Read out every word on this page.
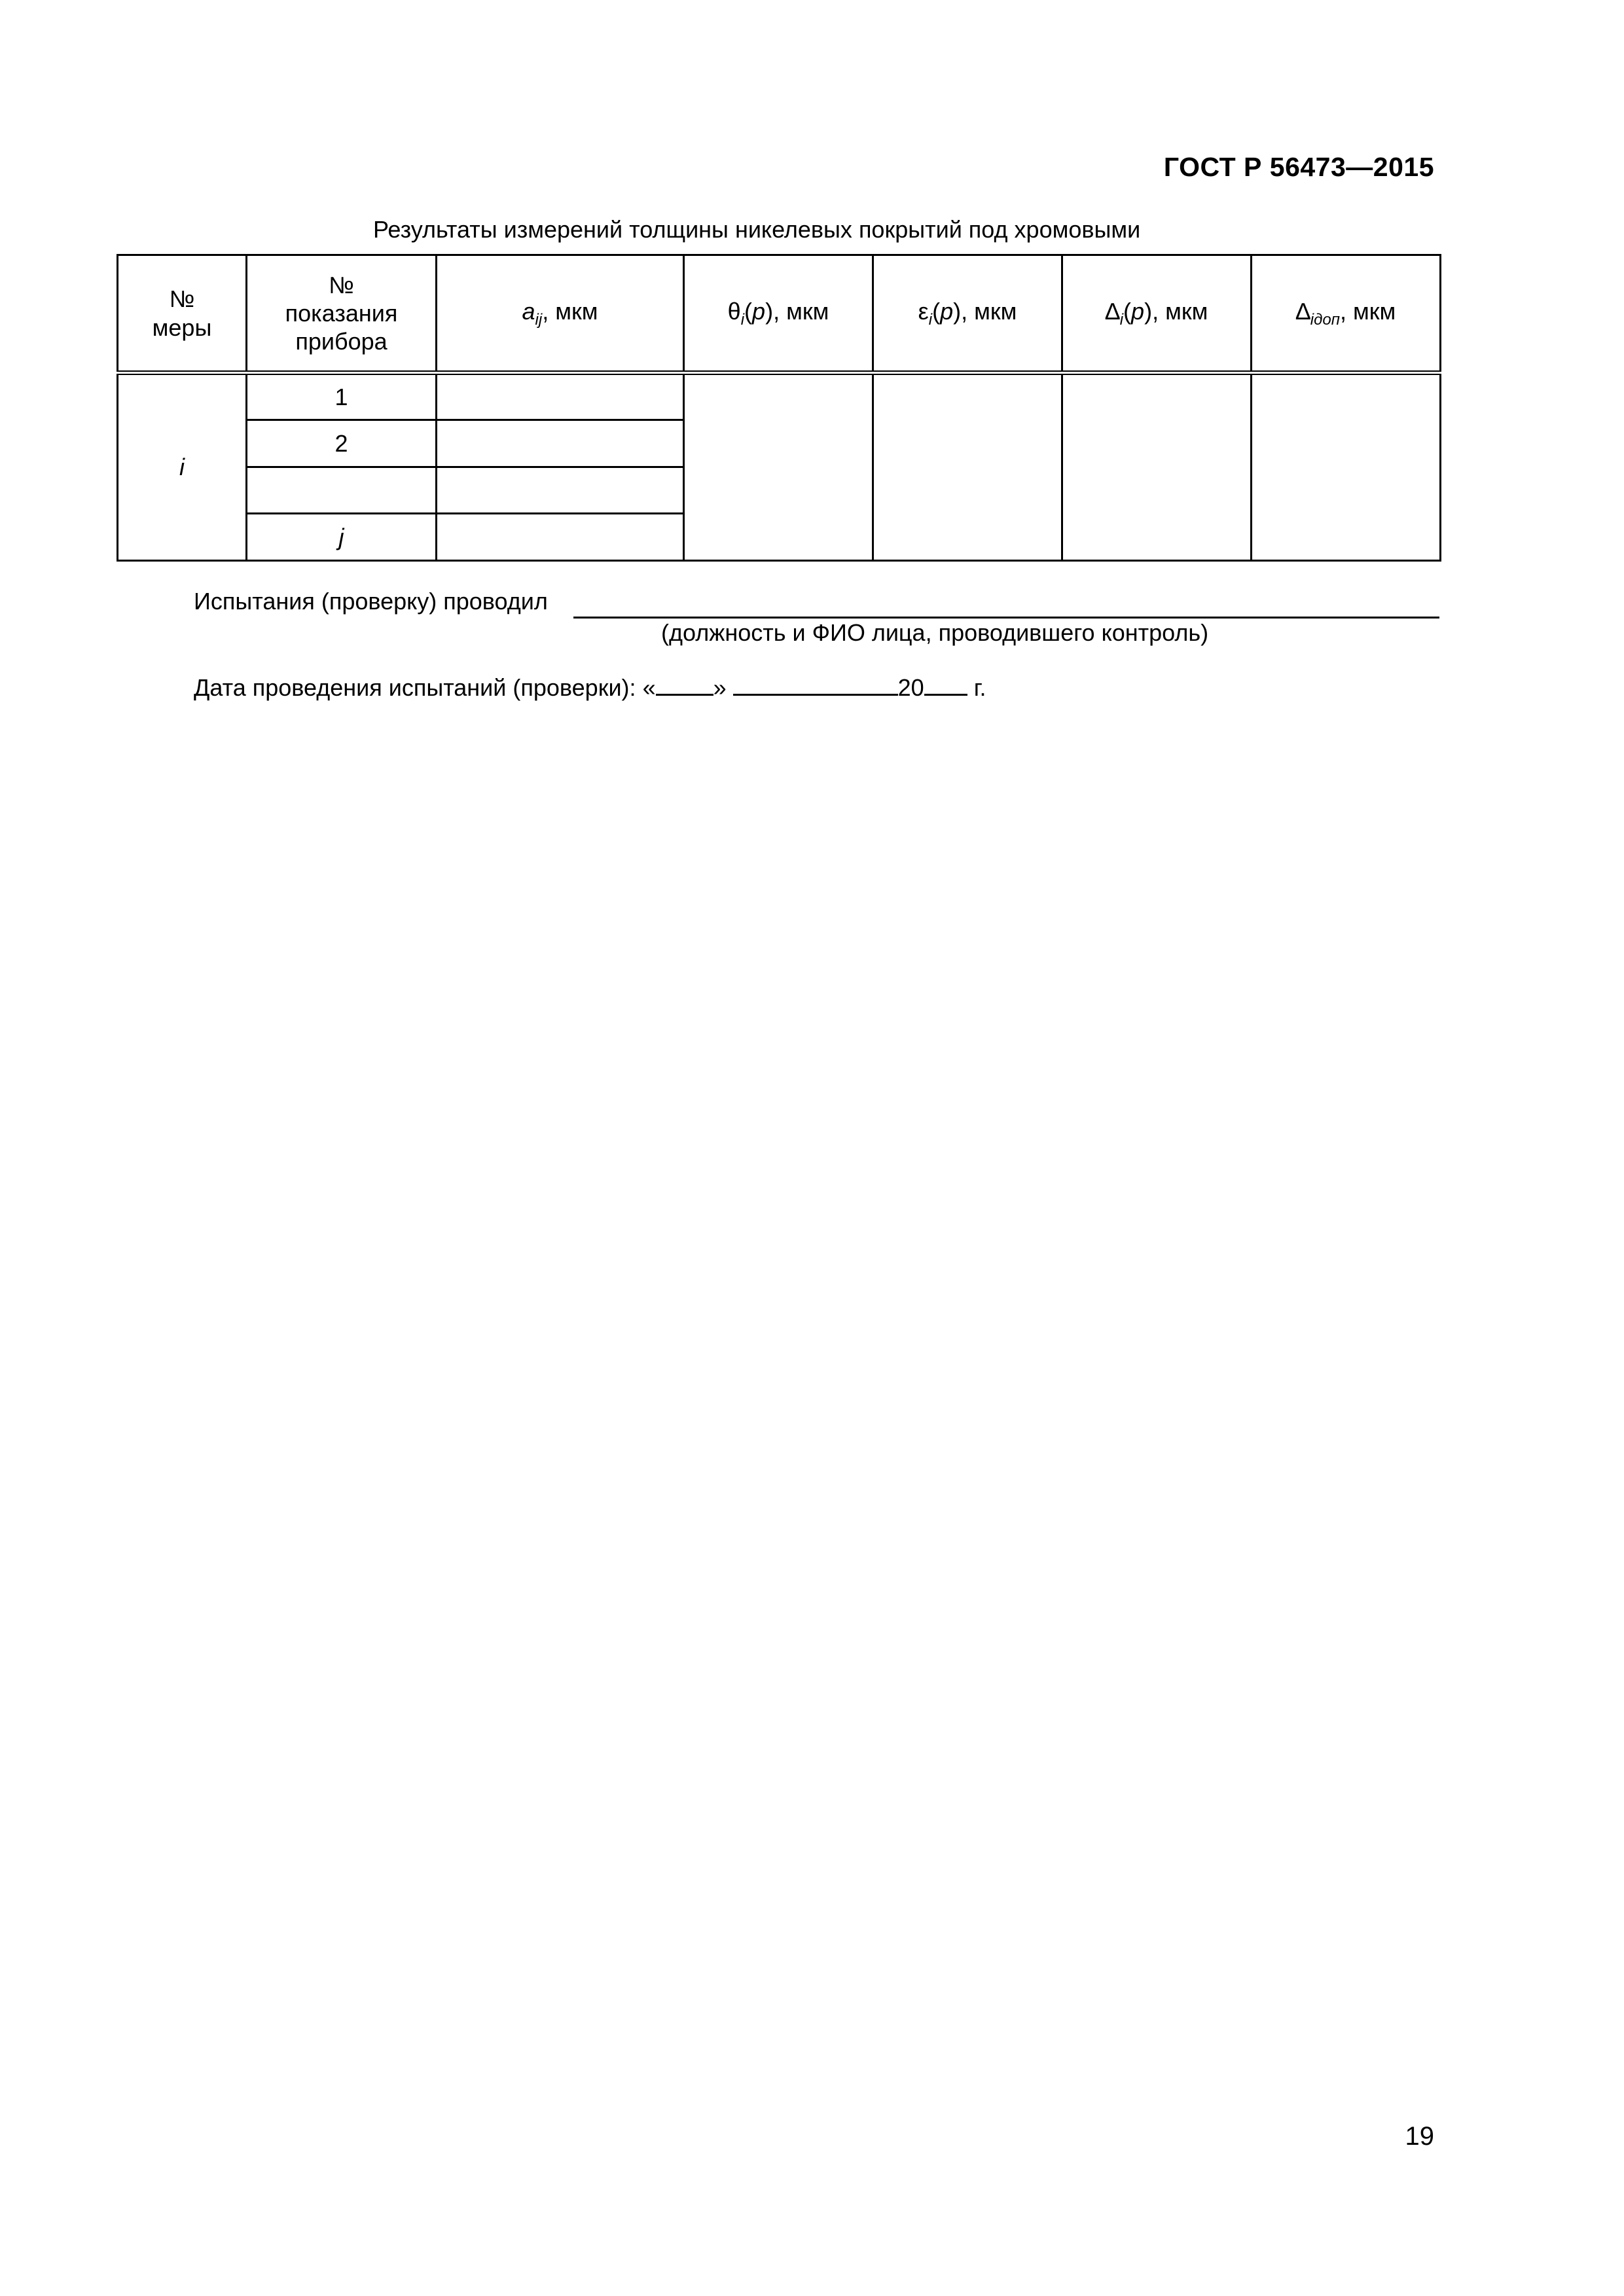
ГОСТ Р 56473—2015
Результаты измерений толщины никелевых покрытий под хромовыми
№
меры	№
показания
прибора	$a_{ij}$, мкм	$\theta_i(p)$, мкм	$\varepsilon_i(p)$, мкм	$\Delta_i(p)$, мкм	$\Delta_{iдоп}$, мкм
i	1					
	2					

	j					
Испытания (проверку) проводил
(должность и ФИО лица, проводившего контроль)
Дата проведения испытаний (проверки): « »	20 г.
19
